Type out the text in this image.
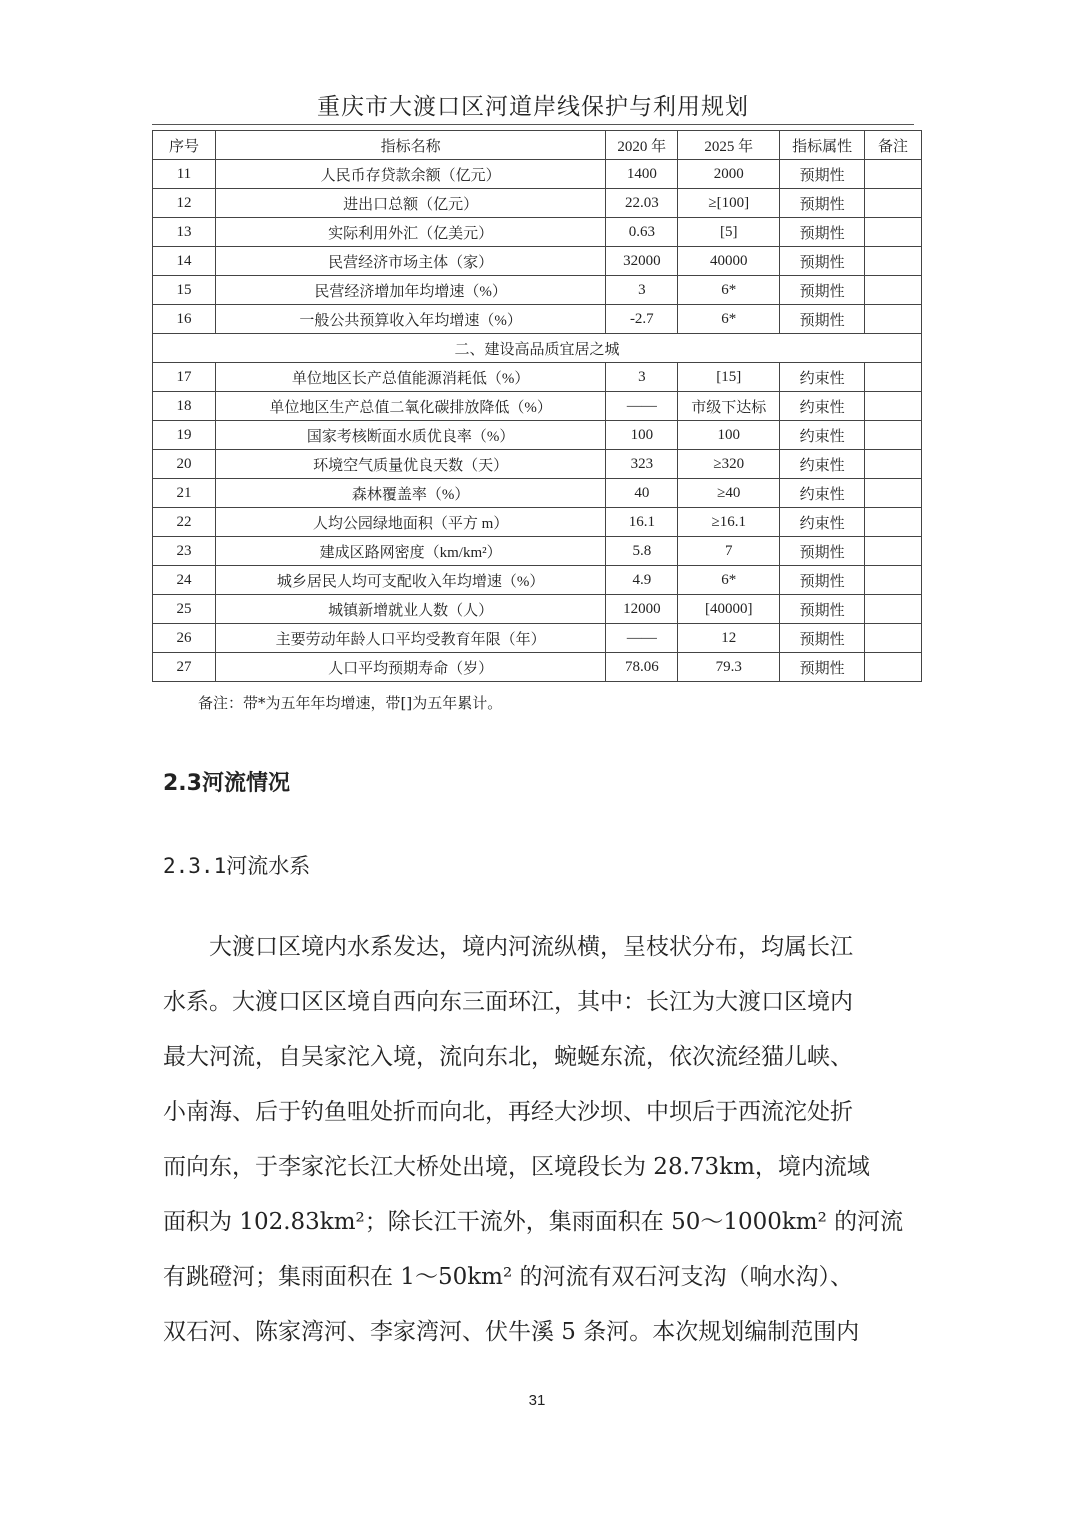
重庆市大渡口区河道岸线保护与利用规划
序号	指标名称	2020 年	2025 年	指标属性	备注
11	人民币存贷款余额（亿元）	1400	2000	预期性	
12	进出口总额（亿元）	22.03	≥[100]	预期性	
13	实际利用外汇（亿美元）	0.63	[5]	预期性	
14	民营经济市场主体（家）	32000	40000	预期性	
15	民营经济增加年均增速（%）	3	6*	预期性	
16	一般公共预算收入年均增速（%）	-2.7	6*	预期性	
二、建设高品质宜居之城					
17	单位地区长产总值能源消耗低（%）	3	[15]	约束性	
18	单位地区生产总值二氧化碳排放降低（%）	——	市级下达标	约束性	
19	国家考核断面水质优良率（%）	100	100	约束性	
20	环境空气质量优良天数（天）	323	≥320	约束性	
21	森林覆盖率（%）	40	≥40	约束性	
22	人均公园绿地面积（平方 m）	16.1	≥16.1	约束性	
23	建成区路网密度（km/km²）	5.8	7	预期性	
24	城乡居民人均可支配收入年均增速（%）	4.9	6*	预期性	
25	城镇新增就业人数（人）	12000	[40000]	预期性	
26	主要劳动年龄人口平均受教育年限（年）	——	12	预期性	
27	人口平均预期寿命（岁）	78.06	79.3	预期性	
备注：带*为五年年均增速，带[]为五年累计。
2.3河流情况
2.3.1河流水系
　　大渡口区境内水系发达，境内河流纵横，呈枝状分布，均属长江
水系。大渡口区区境自西向东三面环江，其中：长江为大渡口区境内
最大河流，自吴家沱入境，流向东北，蜿蜒东流，依次流经猫儿峡、
小南海、后于钓鱼咀处折而向北，再经大沙坝、中坝后于西流沱处折
而向东，于李家沱长江大桥处出境，区境段长为 28.73km，境内流域
面积为 102.83km²；除长江干流外，集雨面积在 50～1000km² 的河流
有跳磴河；集雨面积在 1～50km² 的河流有双石河支沟（响水沟）、
双石河、陈家湾河、李家湾河、伏牛溪 5 条河。本次规划编制范围内
31
